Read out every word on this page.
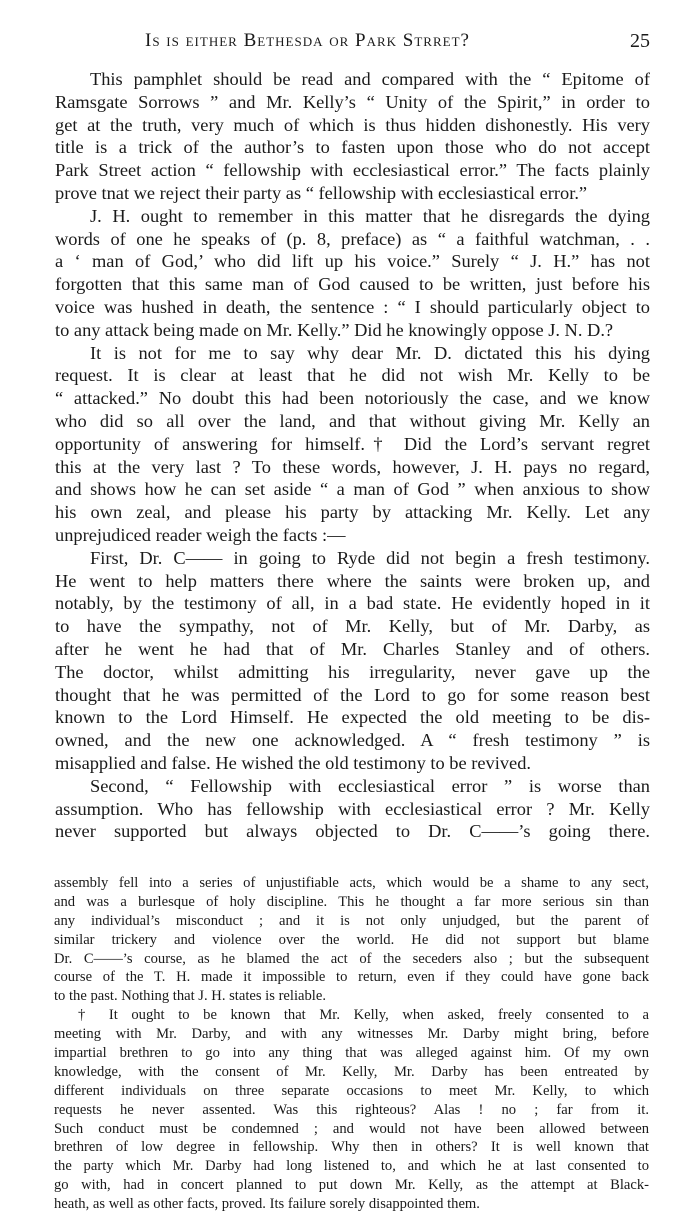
Is is either Bethesda or Park Strret?	25
This pamphlet should be read and compared with the “ Epitome of
Ramsgate Sorrows ” and Mr. Kelly’s “ Unity of the Spirit,” in order to
get at the truth, very much of which is thus hidden dishonestly. His very
title is a trick of the author’s to fasten upon those who do not accept
Park Street action “ fellowship with ecclesiastical error.” The facts plainly
prove tnat we reject their party as “ fellowship with ecclesiastical error.”
J. H. ought to remember in this matter that he disregards the dying
words of one he speaks of (p. 8, preface) as “ a faithful watchman, . .
a ‘ man of God,’ who did lift up his voice.” Surely “ J. H.” has not
forgotten that this same man of God caused to be written, just before his
voice was hushed in death, the sentence : “ I should particularly object to
to any attack being made on Mr. Kelly.” Did he knowingly oppose J. N. D.?
It is not for me to say why dear Mr. D. dictated this his dying
request. It is clear at least that he did not wish Mr. Kelly to be
“ attacked.” No doubt this had been notoriously the case, and we know
who did so all over the land, and that without giving Mr. Kelly an
opportunity of answering for himself.† Did the Lord’s servant regret
this at the very last ? To these words, however, J. H. pays no regard,
and shows how he can set aside “ a man of God ” when anxious to show
his own zeal, and please his party by attacking Mr. Kelly. Let any
unprejudiced reader weigh the facts :—
First, Dr. C—— in going to Ryde did not begin a fresh testimony.
He went to help matters there where the saints were broken up, and
notably, by the testimony of all, in a bad state. He evidently hoped in it
to have the sympathy, not of Mr. Kelly, but of Mr. Darby, as
after he went he had that of Mr. Charles Stanley and of others.
The doctor, whilst admitting his irregularity, never gave up the
thought that he was permitted of the Lord to go for some reason best
known to the Lord Himself. He expected the old meeting to be dis-
owned, and the new one acknowledged. A “ fresh testimony ” is
misapplied and false. He wished the old testimony to be revived.
Second, “ Fellowship with ecclesiastical error ” is worse than
assumption. Who has fellowship with ecclesiastical error ? Mr. Kelly
never supported but always objected to Dr. C——’s going there.
assembly fell into a series of unjustifiable acts, which would be a shame to any sect,
and was a burlesque of holy discipline. This he thought a far more serious sin than
any individual’s misconduct ; and it is not only unjudged, but the parent of
similar trickery and violence over the world. He did not support but blame
Dr. C——’s course, as he blamed the act of the seceders also ; but the subsequent
course of the T. H. made it impossible to return, even if they could have gone back
to the past. Nothing that J. H. states is reliable.
† It ought to be known that Mr. Kelly, when asked, freely consented to a
meeting with Mr. Darby, and with any witnesses Mr. Darby might bring, before
impartial brethren to go into any thing that was alleged against him. Of my own
knowledge, with the consent of Mr. Kelly, Mr. Darby has been entreated by
different individuals on three separate occasions to meet Mr. Kelly, to which
requests he never assented. Was this righteous? Alas ! no ; far from it.
Such conduct must be condemned ; and would not have been allowed between
brethren of low degree in fellowship. Why then in others? It is well known that
the party which Mr. Darby had long listened to, and which he at last consented to
go with, had in concert planned to put down Mr. Kelly, as the attempt at Black-
heath, as well as other facts, proved. Its failure sorely disappointed them.
